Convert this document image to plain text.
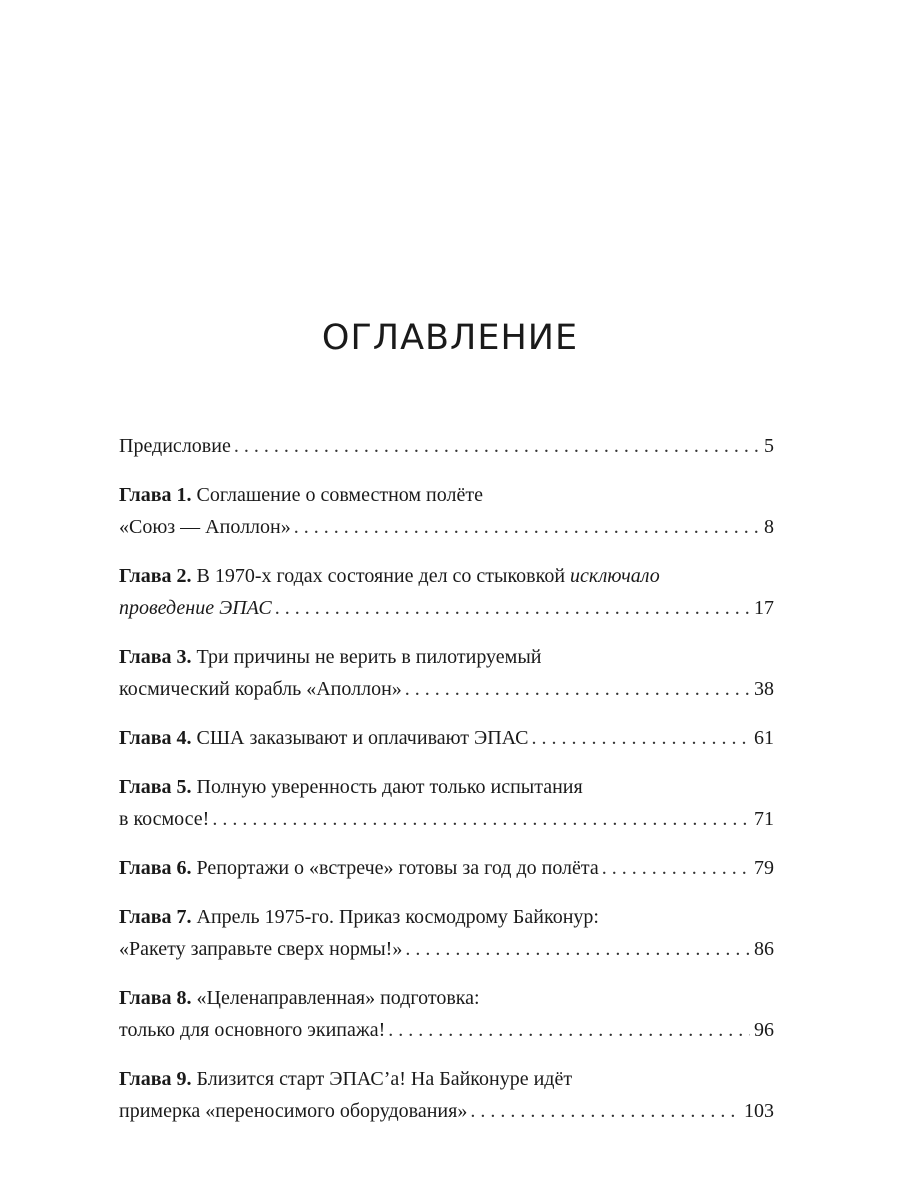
ОГЛАВЛЕНИЕ
Предисловие . . .	5
Глава 1. Соглашение о совместном полёте
«Союз — Аполлон» . . .	8
Глава 2. В 1970-х годах состояние дел со стыковкой исключало
проведение ЭПАС . . .	17
Глава 3. Три причины не верить в пилотируемый
космический корабль «Аполлон» . . .	38
Глава 4. США заказывают и оплачивают ЭПАС . . .	61
Глава 5. Полную уверенность дают только испытания
в космосе! . . .	71
Глава 6. Репортажи о «встрече» готовы за год до полёта . . .	79
Глава 7. Апрель 1975-го. Приказ космодрому Байконур:
«Ракету заправьте сверх нормы!» . . .	86
Глава 8. «Целенаправленная» подготовка:
только для основного экипажа! . . .	96
Глава 9. Близится старт ЭПАС’а! На Байконуре идёт
примерка «переносимого оборудования» . . .	103
